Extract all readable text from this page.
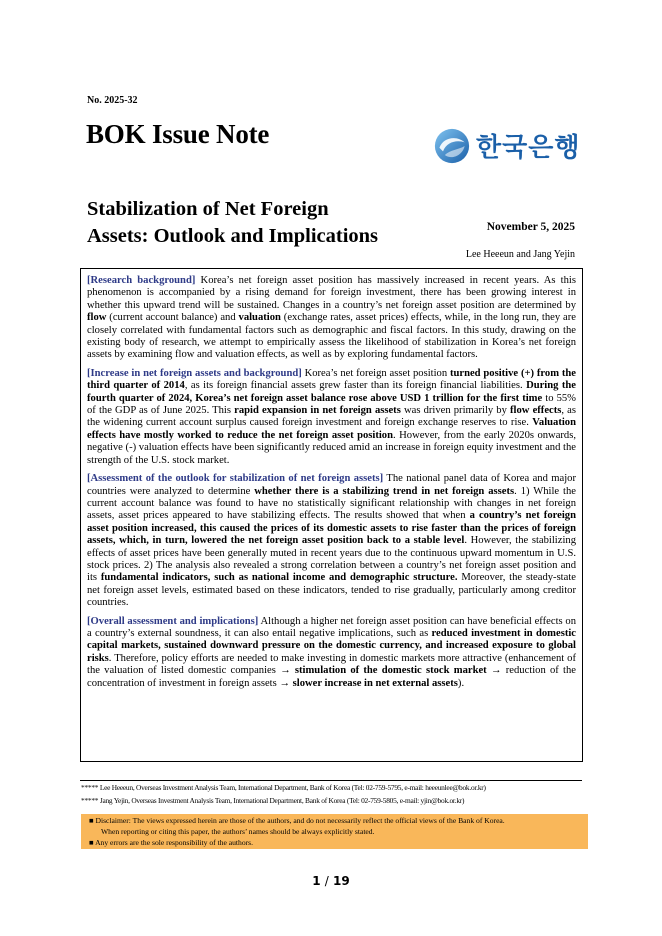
No. 2025-32
BOK Issue Note	한국은행
Stabilization of Net Foreign
Assets: Outlook and Implications	November 5, 2025
Lee Heeeun and Jang Yejin

[Research background] Korea’s net foreign asset position has massively increased in recent years. As this phenomenon is accompanied by a rising demand for foreign investment, there has been growing interest in whether this upward trend will be sustained. Changes in a country’s net foreign asset position are determined by flow (current account balance) and valuation (exchange rates, asset prices) effects, while, in the long run, they are closely correlated with fundamental factors such as demographic and fiscal factors. In this study, drawing on the existing body of research, we attempt to empirically assess the likelihood of stabilization in Korea’s net foreign assets by examining flow and valuation effects, as well as by exploring fundamental factors.

[Increase in net foreign assets and background] Korea’s net foreign asset position turned positive (+) from the third quarter of 2014, as its foreign financial assets grew faster than its foreign financial liabilities. During the fourth quarter of 2024, Korea’s net foreign asset balance rose above USD 1 trillion for the first time to 55% of the GDP as of June 2025. This rapid expansion in net foreign assets was driven primarily by flow effects, as the widening current account surplus caused foreign investment and foreign exchange reserves to rise. Valuation effects have mostly worked to reduce the net foreign asset position. However, from the early 2020s onwards, negative (-) valuation effects have been significantly reduced amid an increase in foreign equity investment and the strength of the U.S. stock market.

[Assessment of the outlook for stabilization of net foreign assets] The national panel data of Korea and major countries were analyzed to determine whether there is a stabilizing trend in net foreign assets. 1) While the current account balance was found to have no statistically significant relationship with changes in net foreign assets, asset prices appeared to have stabilizing effects. The results showed that when a country’s net foreign asset position increased, this caused the prices of its domestic assets to rise faster than the prices of foreign assets, which, in turn, lowered the net foreign asset position back to a stable level. However, the stabilizing effects of asset prices have been generally muted in recent years due to the continuous upward momentum in U.S. stock prices. 2) The analysis also revealed a strong correlation between a country’s net foreign asset position and its fundamental indicators, such as national income and demographic structure. Moreover, the steady-state net foreign asset levels, estimated based on these indicators, tended to rise gradually, particularly among creditor countries.

[Overall assessment and implications] Although a higher net foreign asset position can have beneficial effects on a country’s external soundness, it can also entail negative implications, such as reduced investment in domestic capital markets, sustained downward pressure on the domestic currency, and increased exposure to global risks. Therefore, policy efforts are needed to make investing in domestic markets more attractive (enhancement of the valuation of listed domestic companies → stimulation of the domestic stock market → reduction of the concentration of investment in foreign assets → slower increase in net external assets).

***** Lee Heeeun, Overseas Investment Analysis Team, International Department, Bank of Korea (Tel: 02-759-5795, e-mail: heeeunlee@bok.or.kr)
***** Jang Yejin, Overseas Investment Analysis Team, International Department, Bank of Korea (Tel: 02-759-5805, e-mail: yjin@bok.or.kr)
■ Disclaimer: The views expressed herein are those of the authors, and do not necessarily reflect the official views of the Bank of Korea.
When reporting or citing this paper, the authors’ names should be always explicitly stated.
■ Any errors are the sole responsibility of the authors.
1 / 19
